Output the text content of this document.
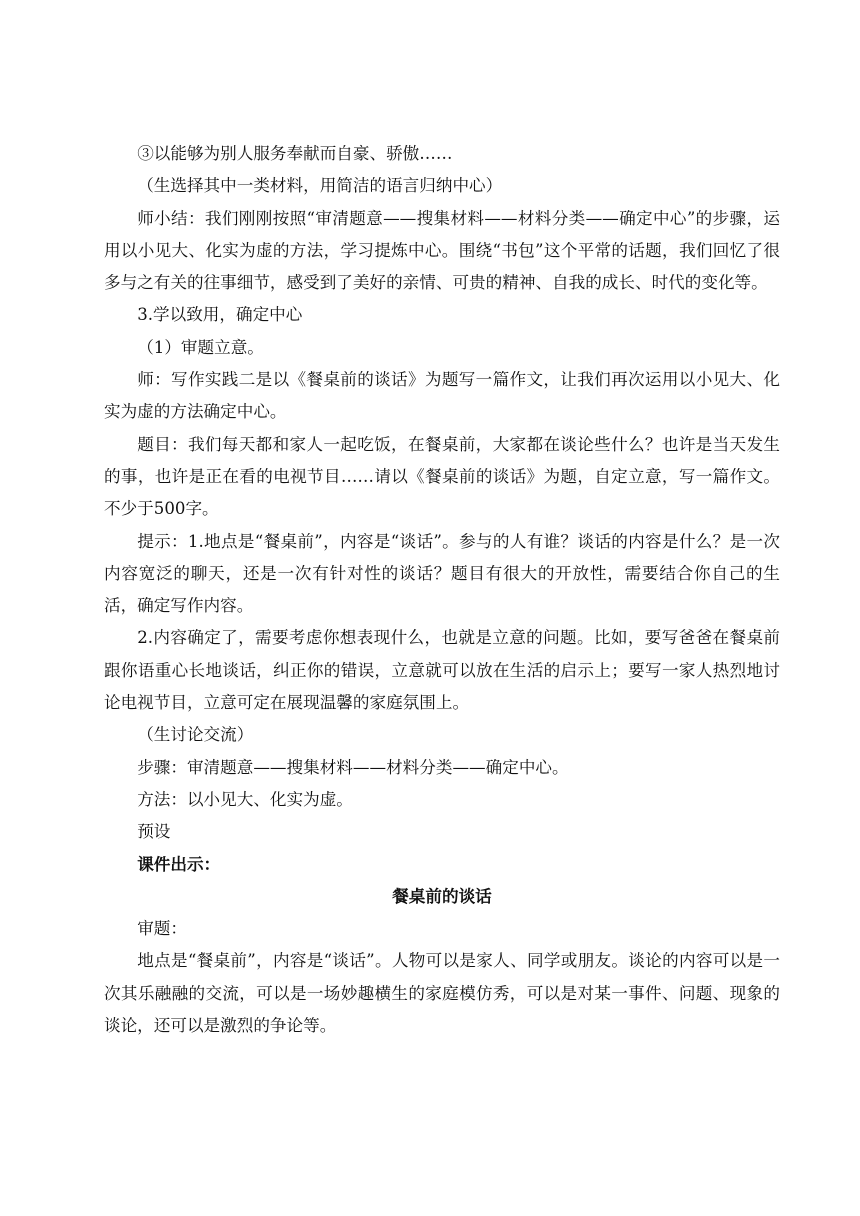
③以能够为别人服务奉献而自豪、骄傲……

（生选择其中一类材料，用简洁的语言归纳中心）

师小结：我们刚刚按照“审清题意——搜集材料——材料分类——确定中心”的步骤，运用以小见大、化实为虚的方法，学习提炼中心。围绕“书包”这个平常的话题，我们回忆了很多与之有关的往事细节，感受到了美好的亲情、可贵的精神、自我的成长、时代的变化等。

3.学以致用，确定中心

（1）审题立意。

师：写作实践二是以《餐桌前的谈话》为题写一篇作文，让我们再次运用以小见大、化实为虚的方法确定中心。

题目：我们每天都和家人一起吃饭，在餐桌前，大家都在谈论些什么？也许是当天发生的事，也许是正在看的电视节目……请以《餐桌前的谈话》为题，自定立意，写一篇作文。不少于500字。

提示：1.地点是“餐桌前”，内容是“谈话”。参与的人有谁？谈话的内容是什么？是一次内容宽泛的聊天，还是一次有针对性的谈话？题目有很大的开放性，需要结合你自己的生活，确定写作内容。

2.内容确定了，需要考虑你想表现什么，也就是立意的问题。比如，要写爸爸在餐桌前跟你语重心长地谈话，纠正你的错误，立意就可以放在生活的启示上；要写一家人热烈地讨论电视节目，立意可定在展现温馨的家庭氛围上。

（生讨论交流）

步骤：审清题意——搜集材料——材料分类——确定中心。

方法：以小见大、化实为虚。

预设

课件出示：

餐桌前的谈话

审题：

地点是“餐桌前”，内容是“谈话”。人物可以是家人、同学或朋友。谈论的内容可以是一次其乐融融的交流，可以是一场妙趣横生的家庭模仿秀，可以是对某一事件、问题、现象的谈论，还可以是激烈的争论等。
